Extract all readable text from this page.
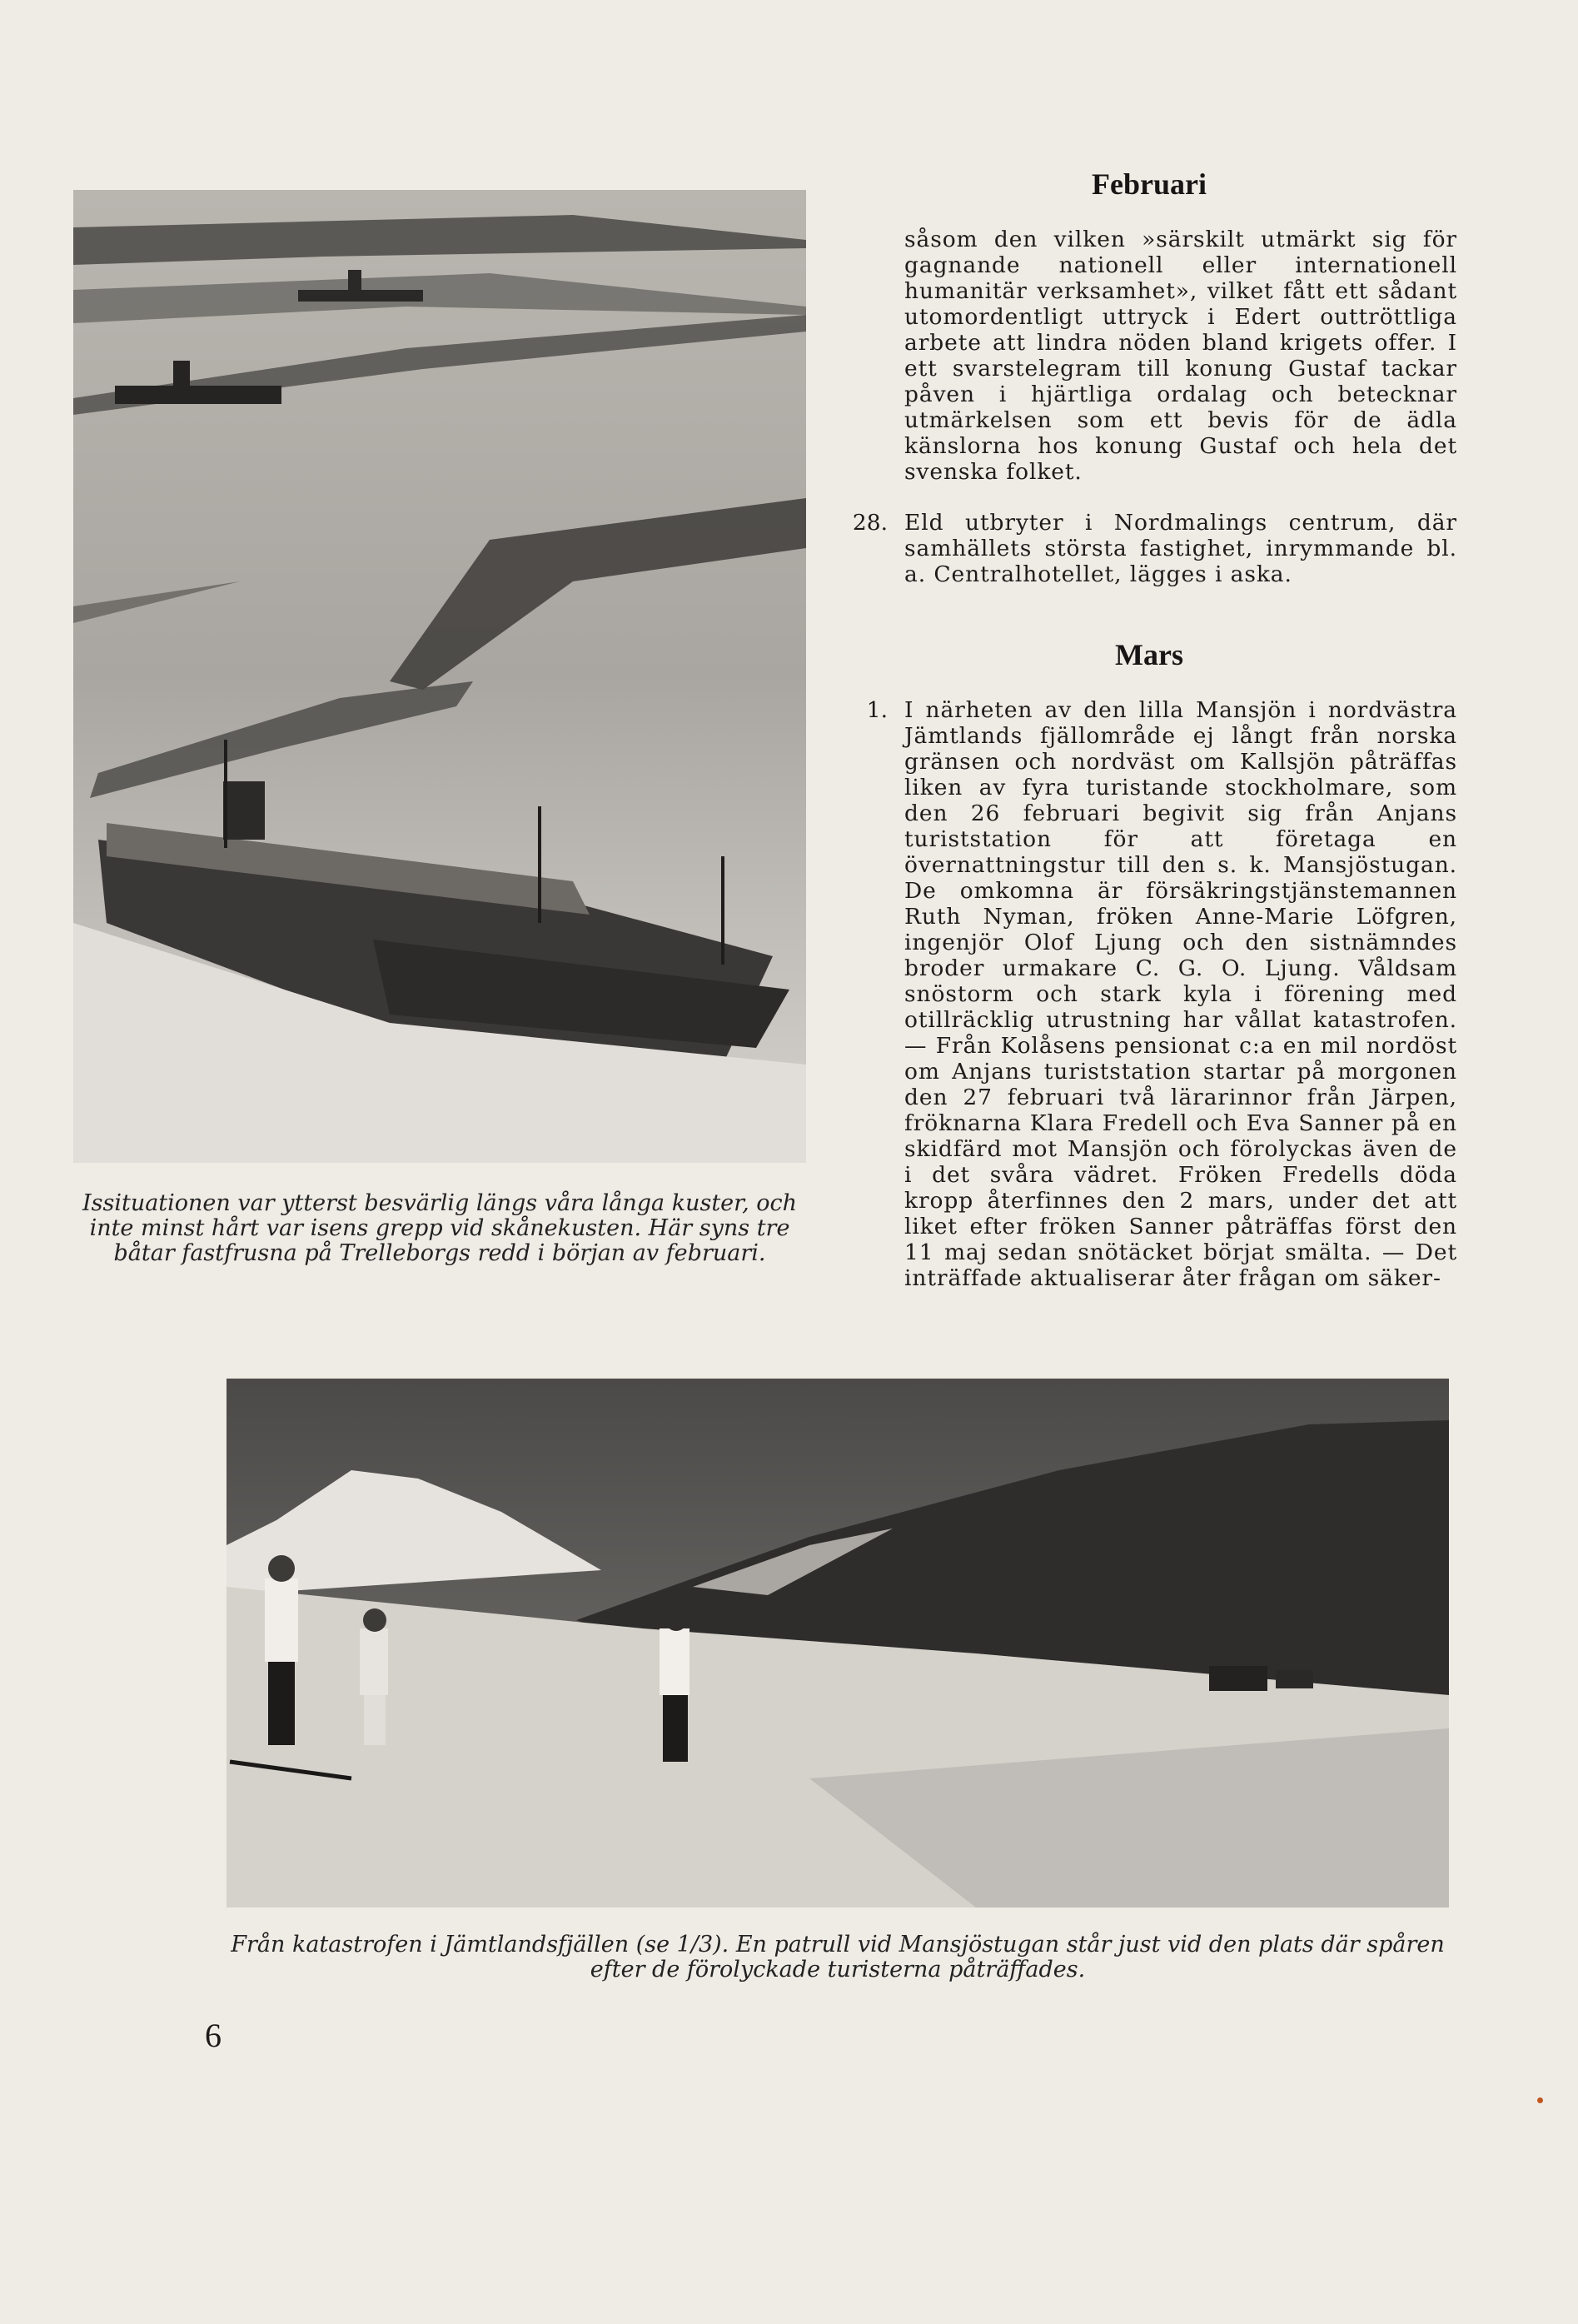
Issituationen var ytterst besvärlig längs våra långa kuster, och inte minst hårt var isens grepp vid skånekusten. Här syns tre båtar fastfrusna på Trelleborgs redd i början av februari.
Februari

såsom den vilken »särskilt utmärkt sig för gagnande nationell eller internationell humanitär verksamhet», vilket fått ett sådant utomordentligt uttryck i Edert outtröttliga arbete att lindra nöden bland krigets offer. I ett svarstelegram till konung Gustaf tackar påven i hjärtliga ordalag och betecknar utmärkelsen som ett bevis för de ädla känslorna hos konung Gustaf och hela det svenska folket.

28. Eld utbryter i Nordmalings centrum, där samhällets största fastighet, inrymmande bl. a. Centralhotellet, lägges i aska.

Mars
1. I närheten av den lilla Mansjön i nordvästra Jämtlands fjällområde ej långt från norska gränsen och nordväst om Kallsjön påträffas liken av fyra turistande stockholmare, som den 26 februari begivit sig från Anjans turiststation för att företaga en övernattningstur till den s. k. Mansjöstugan. De omkomna är försäkringstjänstemannen Ruth Nyman, fröken Anne-Marie Löfgren, ingenjör Olof Ljung och den sistnämndes broder urmakare C. G. O. Ljung. Våldsam snöstorm och stark kyla i förening med otillräcklig utrustning har vållat katastrofen. — Från Kolåsens pensionat c:a en mil nordöst om Anjans turiststation startar på morgonen den 27 februari två lärarinnor från Järpen, fröknarna Klara Fredell och Eva Sanner på en skidfärd mot Mansjön och förolyckas även de i det svåra vädret. Fröken Fredells döda kropp återfinnes den 2 mars, under det att liket efter fröken Sanner påträffas först den 11 maj sedan snötäcket börjat smälta. — Det inträffade aktualiserar åter frågan om säker-

Från katastrofen i Jämtlandsfjällen (se 1/3). En patrull vid Mansjöstugan står just vid den plats där spåren efter de förolyckade turisterna påträffades.
6
